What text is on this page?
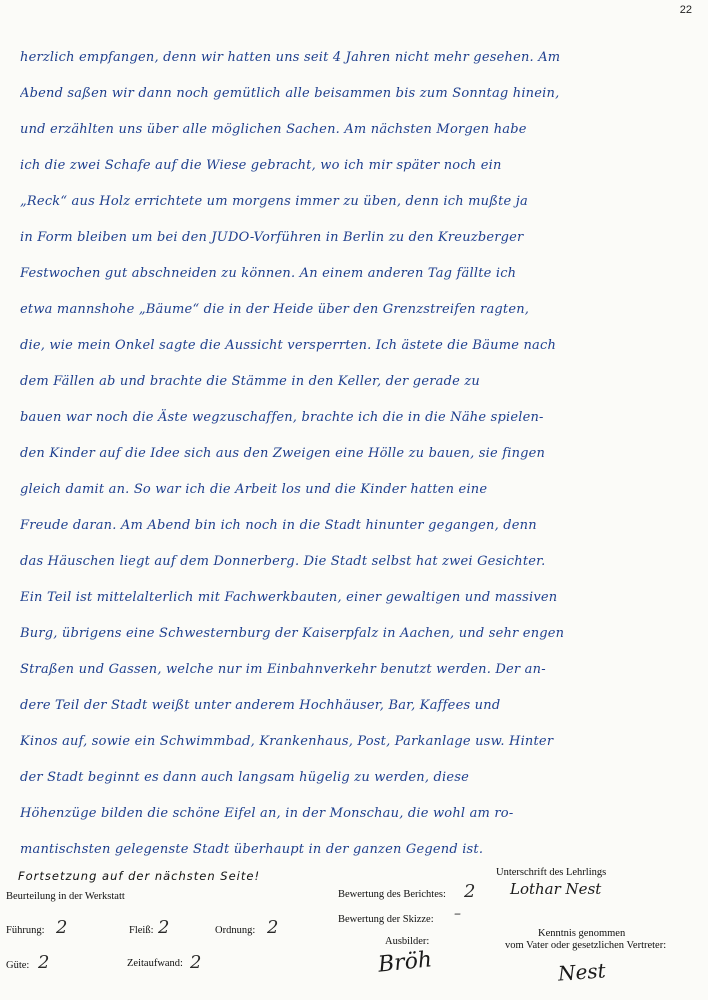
22
herzlich empfangen, denn wir hatten uns seit 4 Jahren nicht mehr gesehen. Am
Abend saßen wir dann noch gemütlich alle beisammen bis zum Sonntag hinein,
und erzählten uns über alle möglichen Sachen. Am nächsten Morgen habe
ich die zwei Schafe auf die Wiese gebracht, wo ich mir später noch ein
„Reck“ aus Holz errichtete um morgens immer zu üben, denn ich mußte ja
in Form bleiben um bei den JUDO-Vorführen in Berlin zu den Kreuzberger
Festwochen gut abschneiden zu können. An einem anderen Tag fällte ich
etwa mannshohe „Bäume“ die in der Heide über den Grenzstreifen ragten,
die, wie mein Onkel sagte die Aussicht versperrten. Ich ästete die Bäume nach
dem Fällen ab und brachte die Stämme in den Keller, der gerade zu
bauen war noch die Äste wegzuschaffen, brachte ich die in die Nähe spielen-
den Kinder auf die Idee sich aus den Zweigen eine Hölle zu bauen, sie fingen
gleich damit an. So war ich die Arbeit los und die Kinder hatten eine
Freude daran. Am Abend bin ich noch in die Stadt hinunter gegangen, denn
das Häuschen liegt auf dem Donnerberg. Die Stadt selbst hat zwei Gesichter.
Ein Teil ist mittelalterlich mit Fachwerkbauten, einer gewaltigen und massiven
Burg, übrigens eine Schwesternburg der Kaiserpfalz in Aachen, und sehr engen
Straßen und Gassen, welche nur im Einbahnverkehr benutzt werden. Der an-
dere Teil der Stadt weißt unter anderem Hochhäuser, Bar, Kaffees und
Kinos auf, sowie ein Schwimmbad, Krankenhaus, Post, Parkanlage usw. Hinter
der Stadt beginnt es dann auch langsam hügelig zu werden, diese
Höhenzüge bilden die schöne Eifel an, in der Monschau, die wohl am ro-
mantischsten gelegenste Stadt überhaupt in der ganzen Gegend ist.
Fortsetzung auf der nächsten Seite!
Beurteilung in der Werkstatt
Führung: 2	Fleiß: 2	Ordnung: 2
Güte: 2	Zeitaufwand: 2
Bewertung des Berichtes: 2
Bewertung der Skizze: –
Ausbilder:
Bröh
Unterschrift des Lehrlings
Lothar Nest
Kenntnis genommen
vom Vater oder gesetzlichen Vertreter:
Nest
